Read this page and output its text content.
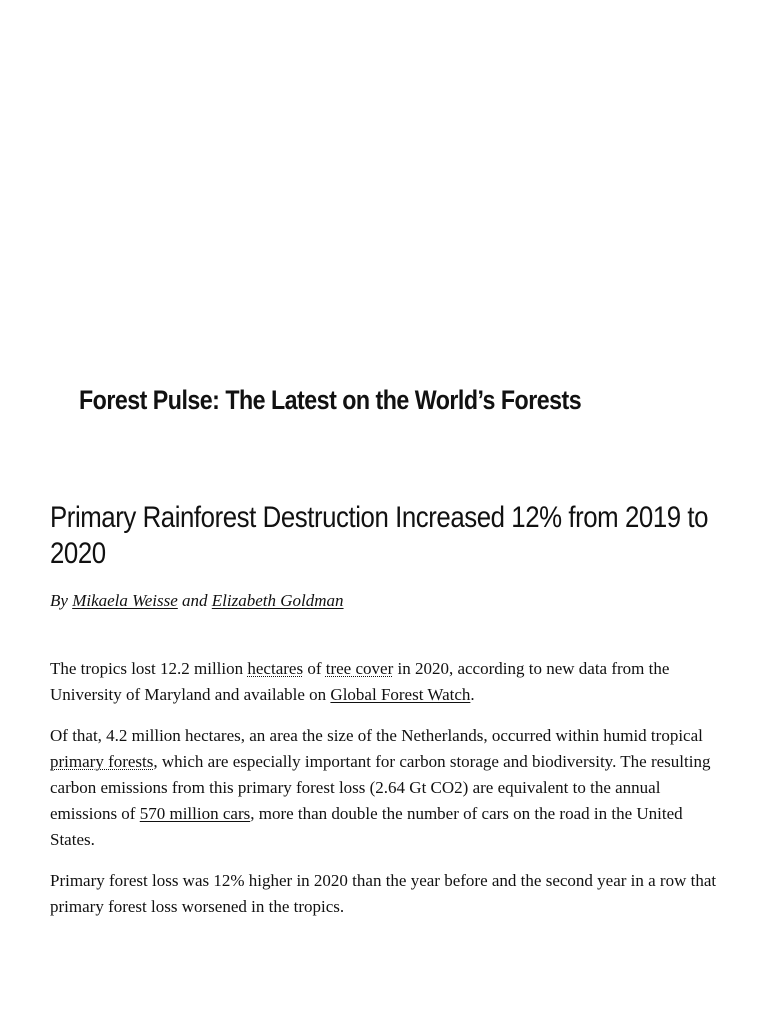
Forest Pulse: The Latest on the World’s Forests
Primary Rainforest Destruction Increased 12% from 2019 to 2020

By Mikaela Weisse and Elizabeth Goldman

The tropics lost 12.2 million hectares of tree cover in 2020, according to new data from the University of Maryland and available on Global Forest Watch.

Of that, 4.2 million hectares, an area the size of the Netherlands, occurred within humid tropical primary forests, which are especially important for carbon storage and biodiversity. The resulting carbon emissions from this primary forest loss (2.64 Gt CO2) are equivalent to the annual emissions of 570 million cars, more than double the number of cars on the road in the United States.

Primary forest loss was 12% higher in 2020 than the year before and the second year in a row that primary forest loss worsened in the tropics.
